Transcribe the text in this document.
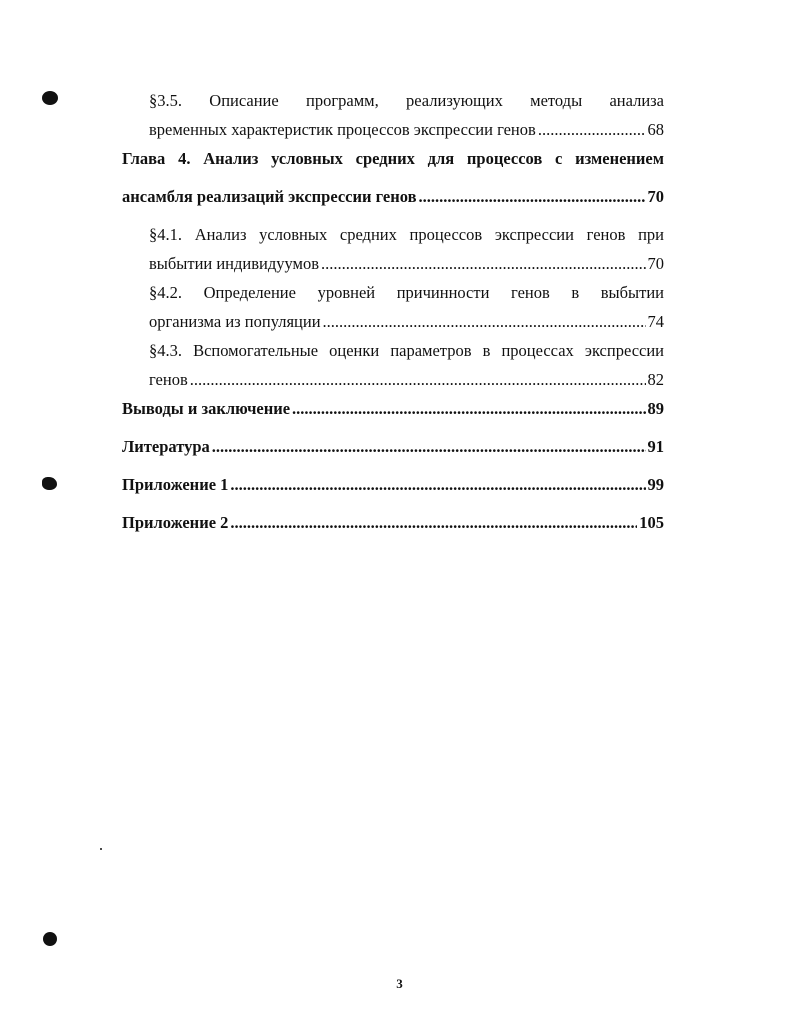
§3.5. Описание программ, реализующих методы анализа
временных характеристик процессов экспрессии генов .....	68
Глава 4. Анализ условных средних для процессов с изменением
ансамбля реализаций экспрессии генов .....	70
§4.1. Анализ условных средних процессов экспрессии генов при
выбытии индивидуумов .....	70
§4.2. Определение уровней причинности генов в выбытии
организма из популяции .....	74
§4.3. Вспомогательные оценки параметров в процессах экспрессии
генов .....	82
Выводы и заключение .....	89
Литература .....	91
Приложение 1 .....	99
Приложение 2 .....	105
3
